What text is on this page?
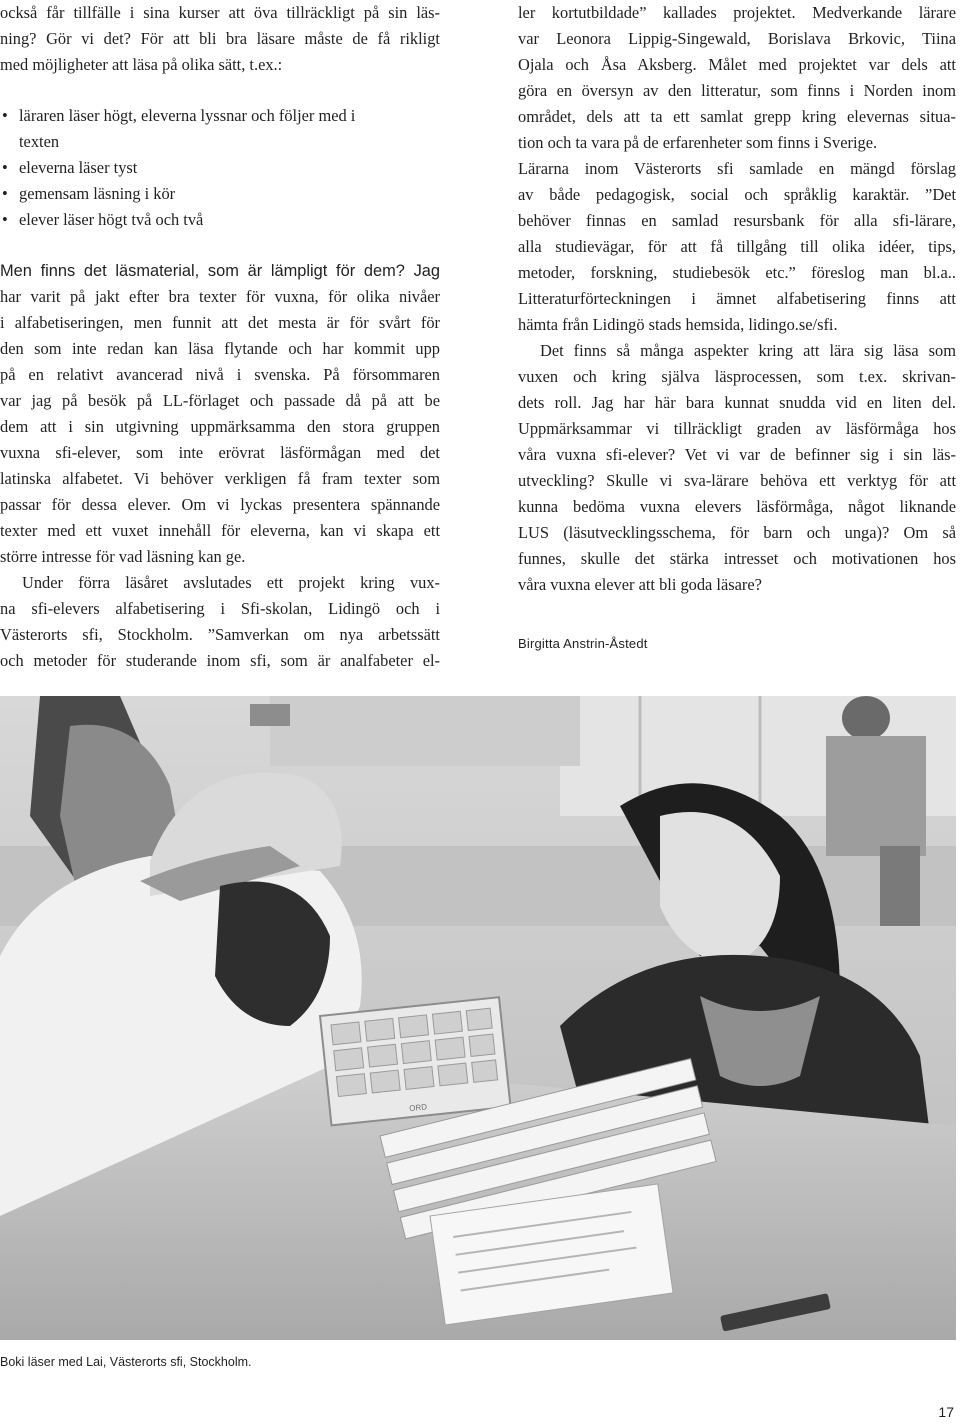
också får tillfälle i sina kurser att öva tillräckligt på sin läs-
ning? Gör vi det? För att bli bra läsare måste de få rikligt
med möjligheter att läsa på olika sätt, t.ex.:
• läraren läser högt, eleverna lyssnar och följer med i
texten
• eleverna läser tyst
• gemensam läsning i kör
• elever läser högt två och två
Men finns det läsmaterial, som är lämpligt för dem? Jag
har varit på jakt efter bra texter för vuxna, för olika nivåer
i alfabetiseringen, men funnit att det mesta är för svårt för
den som inte redan kan läsa flytande och har kommit upp
på en relativt avancerad nivå i svenska. På försommaren
var jag på besök på LL-förlaget och passade då på att be
dem att i sin utgivning uppmärksamma den stora gruppen
vuxna sfi-elever, som inte erövrat läsförmågan med det
latinska alfabetet. Vi behöver verkligen få fram texter som
passar för dessa elever. Om vi lyckas presentera spännande
texter med ett vuxet innehåll för eleverna, kan vi skapa ett
större intresse för vad läsning kan ge.
Under förra läsåret avslutades ett projekt kring vux-
na sfi-elevers alfabetisering i Sfi-skolan, Lidingö och i
Västerorts sfi, Stockholm. ”Samverkan om nya arbetssätt
och metoder för studerande inom sfi, som är analfabeter el-
ler kortutbildade” kallades projektet. Medverkande lärare
var Leonora Lippig-Singewald, Borislava Brkovic, Tiina
Ojala och Åsa Aksberg. Målet med projektet var dels att
göra en översyn av den litteratur, som finns i Norden inom
området, dels att ta ett samlat grepp kring elevernas situa-
tion och ta vara på de erfarenheter som finns i Sverige.
Lärarna inom Västerorts sfi samlade en mängd förslag
av både pedagogisk, social och språklig karaktär. ”Det
behöver finnas en samlad resursbank för alla sfi-lärare,
alla studievägar, för att få tillgång till olika idéer, tips,
metoder, forskning, studiebesök etc.” föreslog man bl.a..
Litteraturförteckningen i ämnet alfabetisering finns att
hämta från Lidingö stads hemsida, lidingo.se/sfi.
Det finns så många aspekter kring att lära sig läsa som
vuxen och kring själva läsprocessen, som t.ex. skrivan-
dets roll. Jag har här bara kunnat snudda vid en liten del.
Uppmärksammar vi tillräckligt graden av läsförmåga hos
våra vuxna sfi-elever? Vet vi var de befinner sig i sin läs-
utveckling? Skulle vi sva-lärare behöva ett verktyg för att
kunna bedöma vuxna elevers läsförmåga, något liknande
LUS (läsutvecklingsschema, för barn och unga)? Om så
funnes, skulle det stärka intresset och motivationen hos
våra vuxna elever att bli goda läsare?
Birgitta Anstrin-Åstedt
ORD
Boki läser med Lai, Västerorts sfi, Stockholm.
17
